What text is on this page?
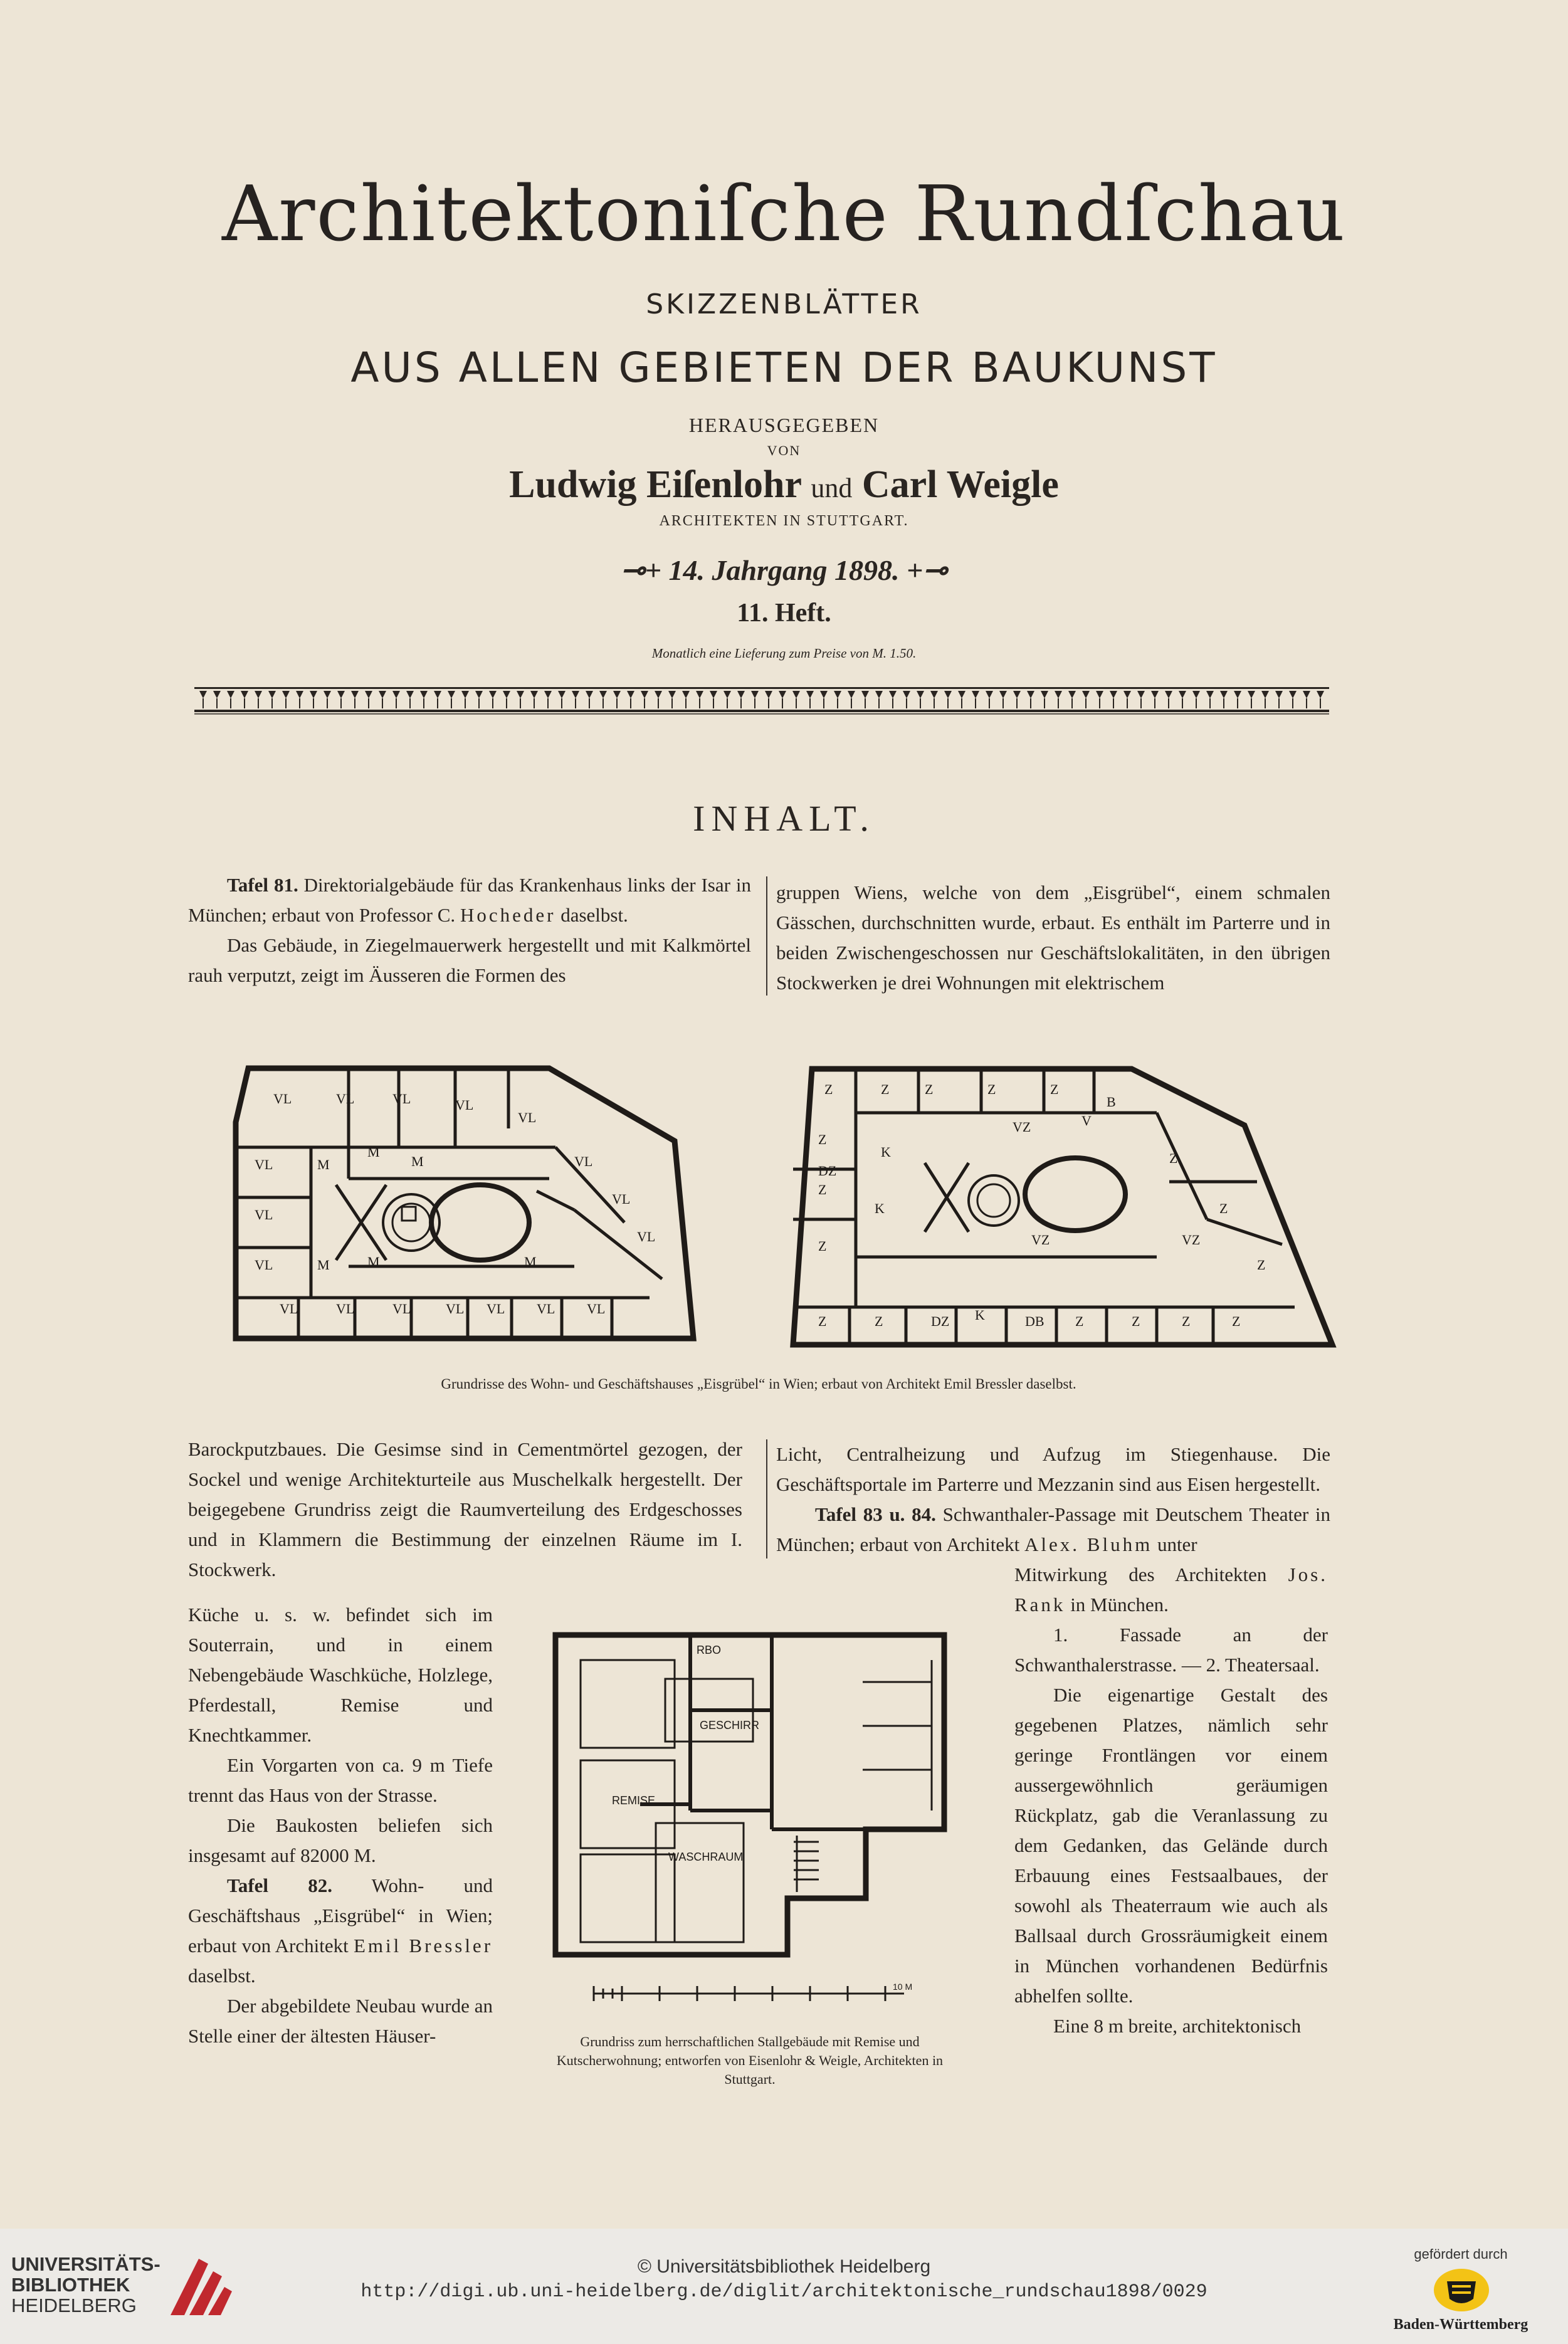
Architektoniſche Rundſchau
SKIZZENBLÄTTER
AUS ALLEN GEBIETEN DER BAUKUNST
HERAUSGEGEBEN
VON
Ludwig Eiſenlohr und Carl Weigle
ARCHITEKTEN IN STUTTGART.
⊸+ 14. Jahrgang 1898. +⊸
11. Heft.
Monatlich eine Lieferung zum Preise von M. 1.50.
INHALT.

Tafel 81. Direktorialgebäude für das Krankenhaus links der Isar in München; erbaut von Professor C. Hocheder daselbst.

Das Gebäude, in Ziegelmauerwerk hergestellt und mit Kalkmörtel rauh verputzt, zeigt im Äusseren die Formen des

gruppen Wiens, welche von dem „Eisgrübel“, einem schmalen Gässchen, durchschnitten wurde, erbaut. Es enthält im Parterre und in beiden Zwischengeschossen nur Geschäftslokalitäten, in den übrigen Stockwerken je drei Wohnungen mit elektrischem

VL	VL	VL	VL
VL
VL
VL
VL
VL	VL
M
M
M
M	M	M
VL	VL VL VL VL
VL
VL
VL
Z	Z	Z	Z	Z
Z
Z
Z
VZ
VZ	VZ
DZ
K
K
V
B
Z
Z
Z
Z	Z	DZ K	DB Z	Z	Z	Z
Grundrisse des Wohn- und Geschäftshauses „Eisgrübel“ in Wien; erbaut von Architekt Emil Bressler daselbst.

Barockputzbaues. Die Gesimse sind in Cementmörtel gezogen, der Sockel und wenige Architekturteile aus Muschelkalk hergestellt. Der beigegebene Grundriss zeigt die Raumverteilung des Erdgeschosses und in Klammern die Bestimmung der einzelnen Räume im I. Stockwerk.

Küche u. s. w. befindet sich im Souterrain, und in einem Nebengebäude Waschküche, Holzlege, Pferdestall, Remise und Knechtkammer.

Ein Vorgarten von ca. 9 m Tiefe trennt das Haus von der Strasse.

Die Baukosten beliefen sich insgesamt auf 82000 M.

Tafel 82. Wohn- und Geschäftshaus „Eisgrübel“ in Wien; erbaut von Architekt Emil Bressler daselbst.

Der abgebildete Neubau wurde an Stelle einer der ältesten Häuser-

Licht, Centralheizung und Aufzug im Stiegenhause. Die Geschäftsportale im Parterre und Mezzanin sind aus Eisen hergestellt.

Tafel 83 u. 84. Schwanthaler-Passage mit Deutschem Theater in München; erbaut von Architekt Alex. Bluhm unter

Mitwirkung des Architekten Jos. Rank in München.

1. Fassade an der Schwanthalerstrasse. — 2. Theatersaal.

Die eigenartige Gestalt des gegebenen Platzes, nämlich sehr geringe Frontlängen vor einem aussergewöhnlich geräumigen Rückplatz, gab die Veranlassung zu dem Gedanken, das Gelände durch Erbauung eines Festsaalbaues, der sowohl als Theaterraum wie auch als Ballsaal durch Grossräumigkeit einem in München vorhandenen Bedürfnis abhelfen sollte.

Eine 8 m breite, architektonisch

RBO
REMISE
GESCHIRR
WASCHRAUM
10 M
Grundriss zum herrschaftlichen Stallgebäude mit Remise und Kutscherwohnung; entworfen von Eisenlohr & Weigle, Architekten in Stuttgart.
UNIVERSITÄTS-
BIBLIOTHEK
HEIDELBERG
© Universitätsbibliothek Heidelberg
http://digi.ub.uni-heidelberg.de/diglit/architektonische_rundschau1898/0029
gefördert durch
Baden-Württemberg
